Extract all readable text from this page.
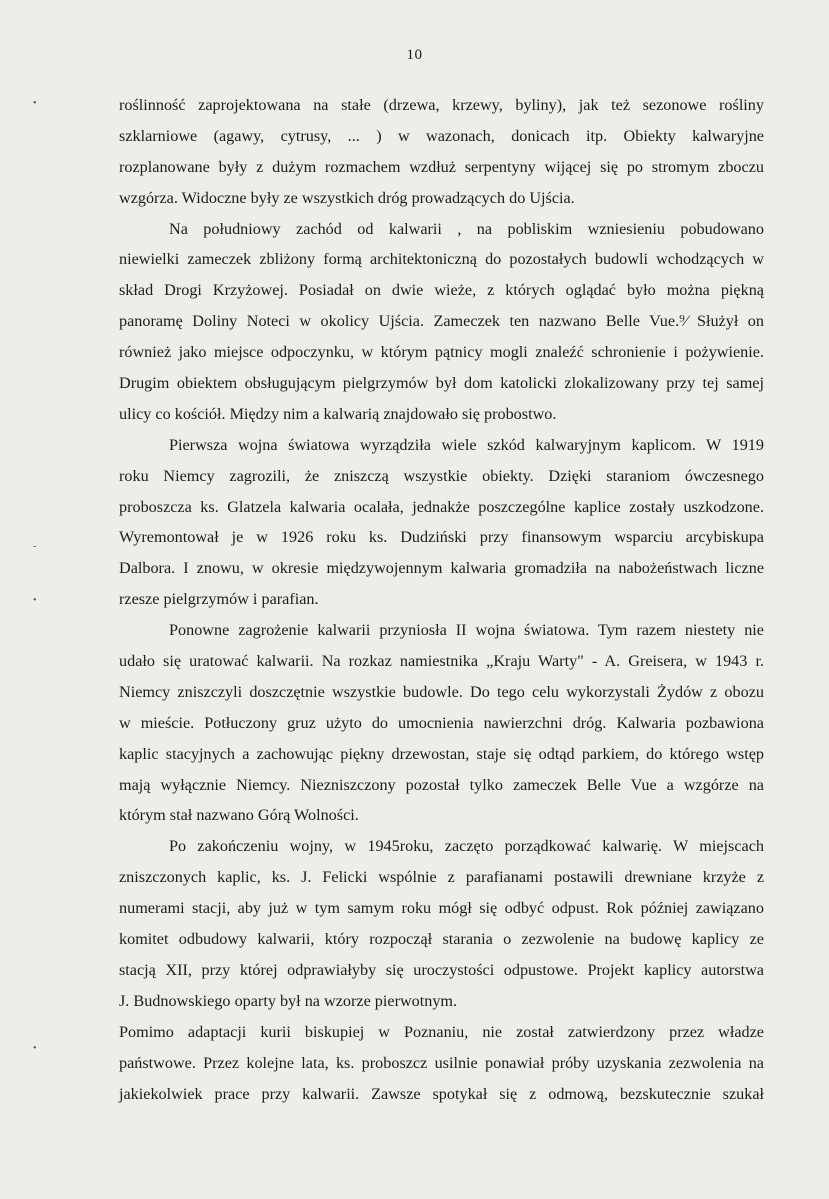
10
•
-
•
•
roślinność zaprojektowana na stałe (drzewa, krzewy, byliny), jak też sezonowe rośliny
szklarniowe (agawy, cytrusy, ... ) w wazonach, donicach itp. Obiekty kalwaryjne
rozplanowane były z dużym rozmachem wzdłuż serpentyny wijącej się po stromym zboczu
wzgórza. Widoczne były ze wszystkich dróg prowadzących do Ujścia.
Na południowy zachód od kalwarii , na pobliskim wzniesieniu pobudowano
niewielki zameczek zbliżony formą architektoniczną do pozostałych budowli wchodzących w
skład Drogi Krzyżowej. Posiadał on dwie wieże, z których oglądać było można piękną
panoramę Doliny Noteci w okolicy Ujścia. Zameczek ten nazwano Belle Vue.⁹⁄ Służył on
również jako miejsce odpoczynku, w którym pątnicy mogli znaleźć schronienie i pożywienie.
Drugim obiektem obsługującym pielgrzymów był dom katolicki zlokalizowany przy tej samej
ulicy co kościół. Między nim a kalwarią znajdowało się probostwo.
Pierwsza wojna światowa wyrządziła wiele szkód kalwaryjnym kaplicom. W 1919
roku Niemcy zagrozili, że zniszczą wszystkie obiekty. Dzięki staraniom ówczesnego
proboszcza ks. Glatzela kalwaria ocalała, jednakże poszczególne kaplice zostały uszkodzone.
Wyremontował je w 1926 roku ks. Dudziński przy finansowym wsparciu arcybiskupa
Dalbora. I znowu, w okresie międzywojennym kalwaria gromadziła na nabożeństwach liczne
rzesze pielgrzymów i parafian.
Ponowne zagrożenie kalwarii przyniosła II wojna światowa. Tym razem niestety nie
udało się uratować kalwarii. Na rozkaz namiestnika „Kraju Warty" - A. Greisera, w 1943 r.
Niemcy zniszczyli doszczętnie wszystkie budowle. Do tego celu wykorzystali Żydów z obozu
w mieście. Potłuczony gruz użyto do umocnienia nawierzchni dróg. Kalwaria pozbawiona
kaplic stacyjnych a zachowując piękny drzewostan, staje się odtąd parkiem, do którego wstęp
mają wyłącznie Niemcy. Niezniszczony pozostał tylko zameczek Belle Vue a wzgórze na
którym stał nazwano Górą Wolności.
Po zakończeniu wojny, w 1945roku, zaczęto porządkować kalwarię. W miejscach
zniszczonych kaplic, ks. J. Felicki wspólnie z parafianami postawili drewniane krzyże z
numerami stacji, aby już w tym samym roku mógł się odbyć odpust. Rok później zawiązano
komitet odbudowy kalwarii, który rozpoczął starania o zezwolenie na budowę kaplicy ze
stacją XII, przy której odprawiałyby się uroczystości odpustowe. Projekt kaplicy autorstwa
J. Budnowskiego oparty był na wzorze pierwotnym.
Pomimo adaptacji kurii biskupiej w Poznaniu, nie został zatwierdzony przez władze
państwowe. Przez kolejne lata, ks. proboszcz usilnie ponawiał próby uzyskania zezwolenia na
jakiekolwiek prace przy kalwarii. Zawsze spotykał się z odmową, bezskutecznie szukał
